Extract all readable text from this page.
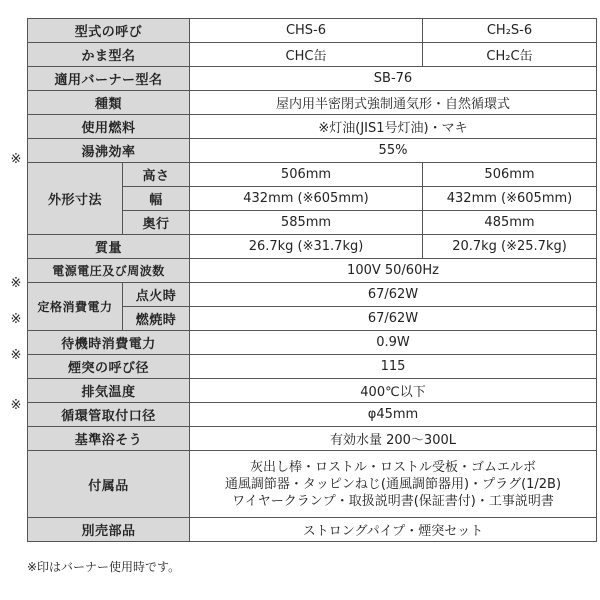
型式の呼び		CHS-6	CH₂S-6
かま型名		CHC缶	CH₂C缶
適用バーナー型名		SB-76	
種類		屋内用半密閉式強制通気形・自然循環式	
使用燃料		※灯油(JIS1号灯油)・マキ	
湯沸効率		55%	
外形寸法	高さ	506mm	506mm
	幅	432mm (※605mm)	432mm (※605mm)
	奥行	585mm	485mm
質量		26.7kg (※31.7kg)	20.7kg (※25.7kg)
電源電圧及び周波数		100V 50/60Hz	
定格消費電力	点火時	67/62W	
	燃焼時	67/62W	
待機時消費電力		0.9W	
煙突の呼び径		115	
排気温度		400℃以下	
循環管取付口径		φ45mm	
基準浴そう		有効水量 200〜300L	
付属品		灰出し棒・ロストル・ロストル受板・ゴムエルボ
通風調節器・タッピンねじ(通風調節器用)・プラグ(1/2B)
ワイヤークランプ・取扱説明書(保証書付)・工事説明書	

別売部品		ストロングパイプ・煙突セット	
※
※
※
※
※
※印はバーナー使用時です。
